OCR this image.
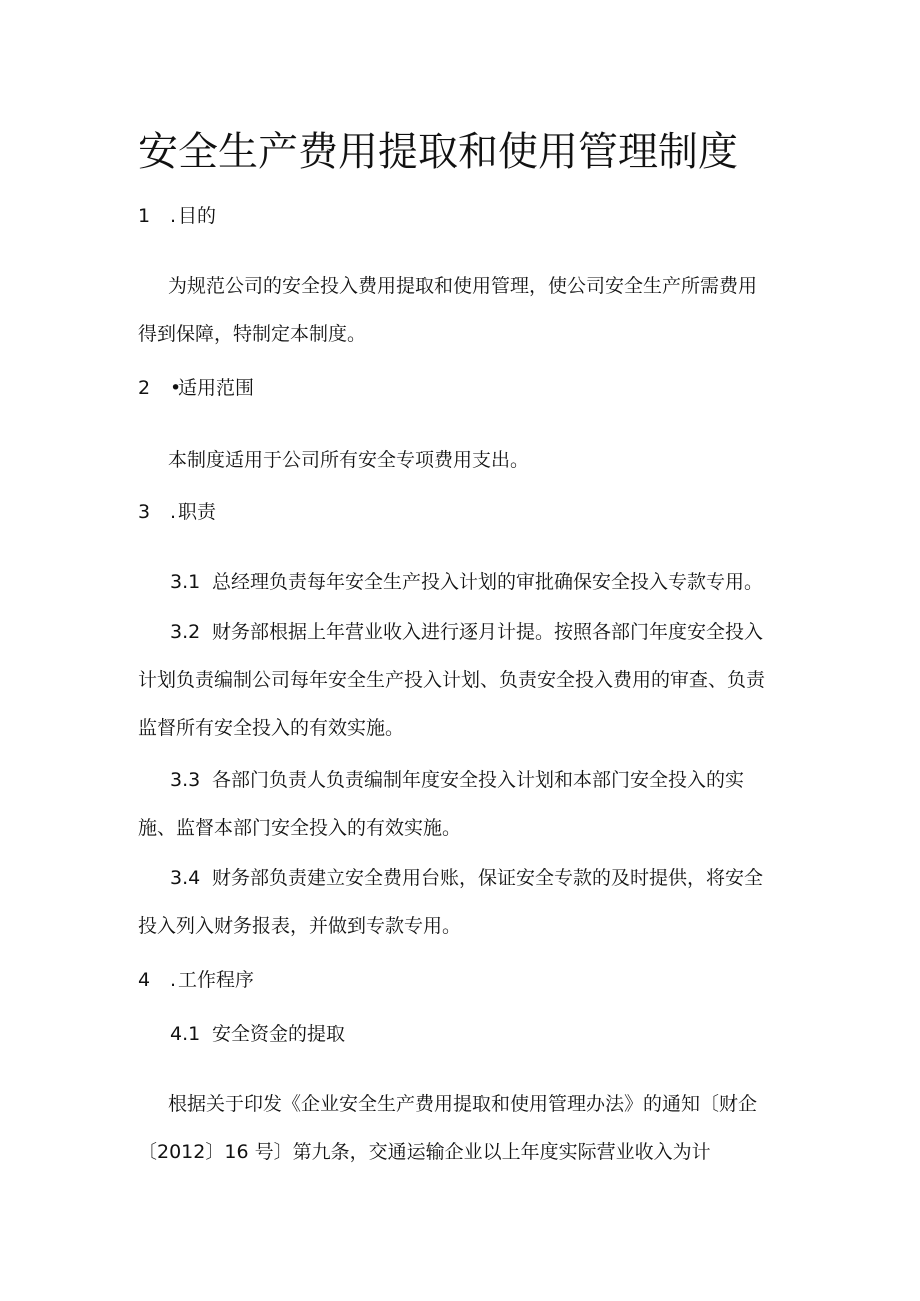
安全生产费用提取和使用管理制度
1 . 目的
为规范公司的安全投入费用提取和使用管理，使公司安全生产所需费用
得到保障，特制定本制度。
2 •适用范围
本制度适用于公司所有安全专项费用支出。
3 . 职责
3.1 总经理负责每年安全生产投入计划的审批确保安全投入专款专用。
3.2 财务部根据上年营业收入进行逐月计提。按照各部门年度安全投入
计划负责编制公司每年安全生产投入计划、负责安全投入费用的审查、负责
监督所有安全投入的有效实施。
3.3 各部门负责人负责编制年度安全投入计划和本部门安全投入的实
施、监督本部门安全投入的有效实施。
3.4 财务部负责建立安全费用台账，保证安全专款的及时提供，将安全
投入列入财务报表，并做到专款专用。
4 . 工作程序
4.1 安全资金的提取
根据关于印发《企业安全生产费用提取和使用管理办法》的通知〔财企
〔2012〕16 号〕第九条，交通运输企业以上年度实际营业收入为计
